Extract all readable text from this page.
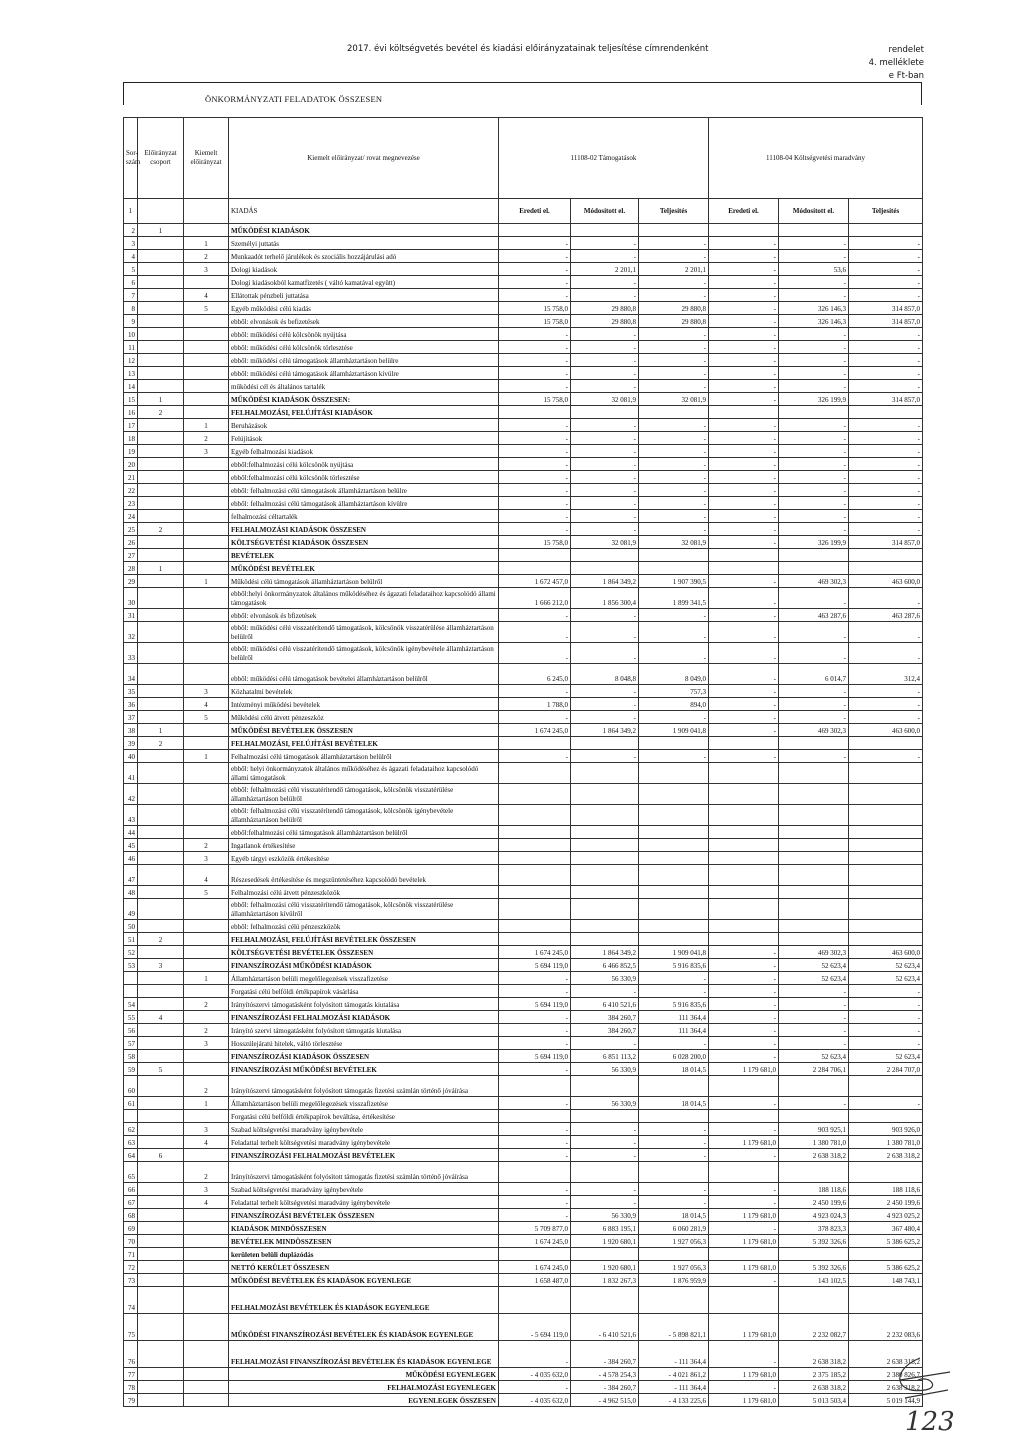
2017. évi költségvetés bevétel és kiadási előirányzatainak teljesítése címrendenként	rendelet
4. melléklete
e Ft-ban
ÖNKORMÁNYZATI FELADATOK ÖSSZESEN
Sor-szám	Előirányzat csoport	Kiemelt előirányzat	Kiemelt előirányzat/ rovat megnevezése	11108-02 Támogatások			11108-04 Költségvetési maradvány		
1			KIADÁS	Eredeti el.	Módosított el.	Teljesítés	Eredeti el.	Módosított el.	Teljesítés
2	1		MŰKÖDÉSI KIADÁSOK						
3		1	Személyi juttatás	-	-	-	-	-	-
4		2	Munkaadót terhelő járulékok és szociális hozzájárulási adó	-	-	-	-	-	-
5		3	Dologi kiadások	-	2 201,1	2 201,1	-	53,6	-
6			Dologi kiadásokból kamatfizetés ( váltó kamatával együtt)	-	-	-	-	-	-
7		4	Ellátottak pénzbeli juttatása	-	-	-	-	-	-
8		5	Egyéb működési célú kiadás	15 758,0	29 880,8	29 880,8	-	326 146,3	314 857,0
9			ebből: elvonások és befizetések	15 758,0	29 880,8	29 880,8	-	326 146,3	314 857,0
10			ebből: működési célú kölcsönök nyújtása	-	-	-	-	-	-
11			ebből: működési célú kölcsönök törlesztése	-	-	-	-	-	-
12			ebből: működési célú támogatások államháztartáson belülre	-	-	-	-	-	-
13			ebből: működési célú támogatások államháztartáson kívülre	-	-	-	-	-	-
14			működési cél és általános tartalék	-	-	-	-	-	-
15	1		MŰKÖDÉSI KIADÁSOK ÖSSZESEN:	15 758,0	32 081,9	32 081,9	-	326 199,9	314 857,0
16	2		FELHALMOZÁSI, FELÚJÍTÁSI KIADÁSOK						
17		1	Beruházások	-	-	-	-	-	-
18		2	Felújítások	-	-	-	-	-	-
19		3	Egyéb felhalmozási kiadások	-	-	-	-	-	-
20			ebből:felhalmozási célú kölcsönök nyújtása	-	-	-	-	-	-
21			ebből:felhalmozási célú kölcsönök törlesztése	-	-	-	-	-	-
22			ebből: felhalmozási célú támogatások államháztartáson belülre	-	-	-	-	-	-
23			ebből: felhalmozási célú támogatások államháztartáson kívülre	-	-	-	-	-	-
24			felhalmozási céltartalék	-	-	-	-	-	-
25	2		FELHALMOZÁSI KIADÁSOK ÖSSZESEN	-	-	-	-	-	-
26			KÖLTSÉGVETÉSI KIADÁSOK ÖSSZESEN	15 758,0	32 081,9	32 081,9	-	326 199,9	314 857,0
27			BEVÉTELEK						
28	1		MŰKÖDÉSI BEVÉTELEK						
29		1	Működési célú támogatások államháztartáson belülről	1 672 457,0	1 864 349,2	1 907 390,5	-	469 302,3	463 600,0
30			ebből:helyi önkormányzatok általános működéséhez és ágazati feladataihoz kapcsolódó állami támogatások	1 666 212,0	1 856 300,4	1 899 341,5	-	-	-
31			ebből: elvonások és bfizetések	-	-	-	-	463 287,6	463 287,6
32			ebből: működési célú visszatérítendő támogatások, kölcsönök visszatérülése államháztartáson belülről	-	-	-	-	-	-
33			ebből: működési célú visszatérítendő támogatások, kölcsönök igénybevétele államháztartáson belülről	-	-	-	-	-	-
34			ebből: működési célú támogatások bevételei államháztartáson belülről	6 245,0	8 048,8	8 049,0	-	6 014,7	312,4
35		3	Közhatalmi bevételek	-	-	757,3	-	-	-
36		4	Intézményi működési bevételek	1 788,0	-	894,0	-	-	-
37		5	Működési célú átvett pénzeszköz	-	-	-	-	-	-
38	1		MŰKÖDÉSI BEVÉTELEK ÖSSZESEN	1 674 245,0	1 864 349,2	1 909 041,8	-	469 302,3	463 600,0
39	2		FELHALMOZÁSI, FELÚJÍTÁSI BEVÉTELEK						
40		1	Felhalmozási célú támogatások államháztartáson belülről	-	-	-	-	-	-
41			ebből: helyi önkormányzatok általános működéséhez és ágazati feladataihoz kapcsolódó állami támogatások						
42			ebből: felhalmozási célú visszatérítendő támogatások, kölcsönök visszatérülése államháztartáson belülről						
43			ebből: felhalmozási célú visszatérítendő támogatások, kölcsönök igénybevétele államháztartáson belülről						
44			ebből:felhalmozási célú támogatások államháztartáson belülről						
45		2	Ingatlanok értékesítése						
46		3	Egyéb tárgyi eszközök értékesítése						
47		4	Részesedések értékesítése és megszüntetéséhez kapcsolódó bevételek						
48		5	Felhalmozási célú átvett pénzeszközök						
49			ebből: felhalmozási célú visszatérítendő támogatások, kölcsönök visszatérülése államháztartáson kívülről						
50			ebből: felhalmozási célú pénzeszközök						
51	2		FELHALMOZÁSI, FELÚJÍTÁSI BEVÉTELEK ÖSSZESEN						
52			KÖLTSÉGVETÉSI BEVÉTELEK ÖSSZESEN	1 674 245,0	1 864 349,2	1 909 041,8	-	469 302,3	463 600,0
53	3		FINANSZÍROZÁSI MŰKÖDÉSI KIADÁSOK	5 694 119,0	6 466 852,5	5 916 835,6	-	52 623,4	52 623,4
		1	Államháztartáson belüli megelőlegezések visszafizetése	-	56 330,9	-	-	52 623,4	52 623,4
			Forgatási célú belföldi értékpapírok vásárlása	-	-	-	-	-	-
54		2	Irányítószervi támogatásként folyósított támogatás kiutalása	5 694 119,0	6 410 521,6	5 916 835,6	-	-	-
55	4		FINANSZÍROZÁSI FELHALMOZÁSI KIADÁSOK	-	384 260,7	111 364,4	-	-	-
56		2	Irányító szervi támogatásként folyósított támogatás kiutalása	-	384 260,7	111 364,4	-	-	-
57		3	Hosszúlejáratú hitelek, váltó törlesztése	-	-	-	-	-	-
58			FINANSZÍROZÁSI KIADÁSOK ÖSSZESEN	5 694 119,0	6 851 113,2	6 028 200,0	-	52 623,4	52 623,4
59	5		FINANSZÍROZÁSI MŰKÖDÉSI BEVÉTELEK	-	56 330,9	18 014,5	1 179 681,0	2 284 706,1	2 284 707,0
60		2	Irányítószervi támogatásként folyósított támogatás fizetési számlán történő jóváírása						
61		1	Államháztartáson belüli megelőlegezések visszafizetése	-	56 330,9	18 014,5	-	-	-
			Forgatási célú belföldi értékpapírok beváltása, értékesítése						
62		3	Szabad költségvetési maradvány igénybevétele	-	-	-	-	903 925,1	903 926,0
63		4	Feladattal terhelt költségvetési maradvány igénybevétele	-	-	-	1 179 681,0	1 380 781,0	1 380 781,0
64	6		FINANSZÍROZÁSI FELHALMOZÁSI BEVÉTELEK	-	-	-	-	2 638 318,2	2 638 318,2
65		2	Irányítószervi támogatásként folyósított támogatás fizetési számlán történő jóváírása						
66		3	Szabad költségvetési maradvány igénybevétele	-	-	-	-	188 118,6	188 118,6
67		4	Feladattal terhelt költségvetési maradvány igénybevétele	-	-	-	-	2 450 199,6	2 450 199,6
68			FINANSZÍROZÁSI BEVÉTELEK ÖSSZESEN	-	56 330,9	18 014,5	1 179 681,0	4 923 024,3	4 923 025,2
69			KIADÁSOK MINDÖSSZESEN	5 709 877,0	6 883 195,1	6 060 281,9	-	378 823,3	367 480,4
70			BEVÉTELEK MINDÖSSZESEN	1 674 245,0	1 920 680,1	1 927 056,3	1 179 681,0	5 392 326,6	5 386 625,2
71			kerületen belüli duplázódás						
72			NETTÓ KERÜLET ÖSSZESEN	1 674 245,0	1 920 680,1	1 927 056,3	1 179 681,0	5 392 326,6	5 386 625,2
73			MŰKÖDÉSI BEVÉTELEK ÉS KIADÁSOK EGYENLEGE	1 658 487,0	1 832 267,3	1 876 959,9	-	143 102,5	148 743,1
74			FELHALMOZÁSI BEVÉTELEK ÉS KIADÁSOK EGYENLEGE						
75			MŰKÖDÉSI FINANSZÍROZÁSI BEVÉTELEK ÉS KIADÁSOK EGYENLEGE	- 5 694 119,0	- 6 410 521,6	- 5 898 821,1	1 179 681,0	2 232 082,7	2 232 083,6
76			FELHALMOZÁSI FINANSZÍROZÁSI BEVÉTELEK ÉS KIADÁSOK EGYENLEGE	-	- 384 260,7	- 111 364,4	-	2 638 318,2	2 638 318,2
77			MŰKÖDÉSI EGYENLEGEK	- 4 035 632,0	- 4 578 254,3	- 4 021 861,2	1 179 681,0	2 375 185,2	2 380 826,7
78			FELHALMOZÁSI EGYENLEGEK	-	- 384 260,7	- 111 364,4	-	2 638 318,2	2 638 318,2
79			EGYENLEGEK ÖSSZESEN	- 4 035 632,0	- 4 962 515,0	- 4 133 225,6	1 179 681,0	5 013 503,4	5 019 144,9
123
